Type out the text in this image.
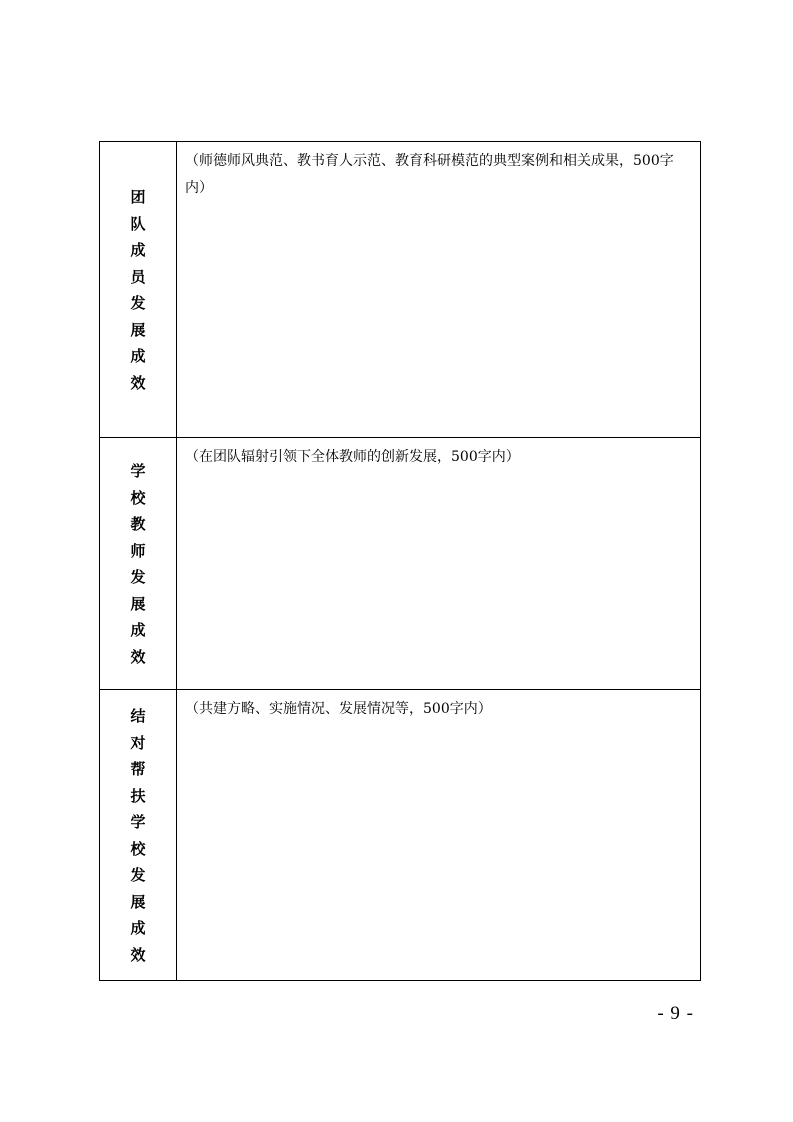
团
队
成
员
发
展
成
效

（师德师风典范、教书育人示范、教育科研模范的典型案例和相关成果，500字内）

学
校
教
师
发
展
成
效

（在团队辐射引领下全体教师的创新发展，500字内）

结
对
帮
扶
学
校
发
展
成
效

（共建方略、实施情况、发展情况等，500字内）

- 9 -
